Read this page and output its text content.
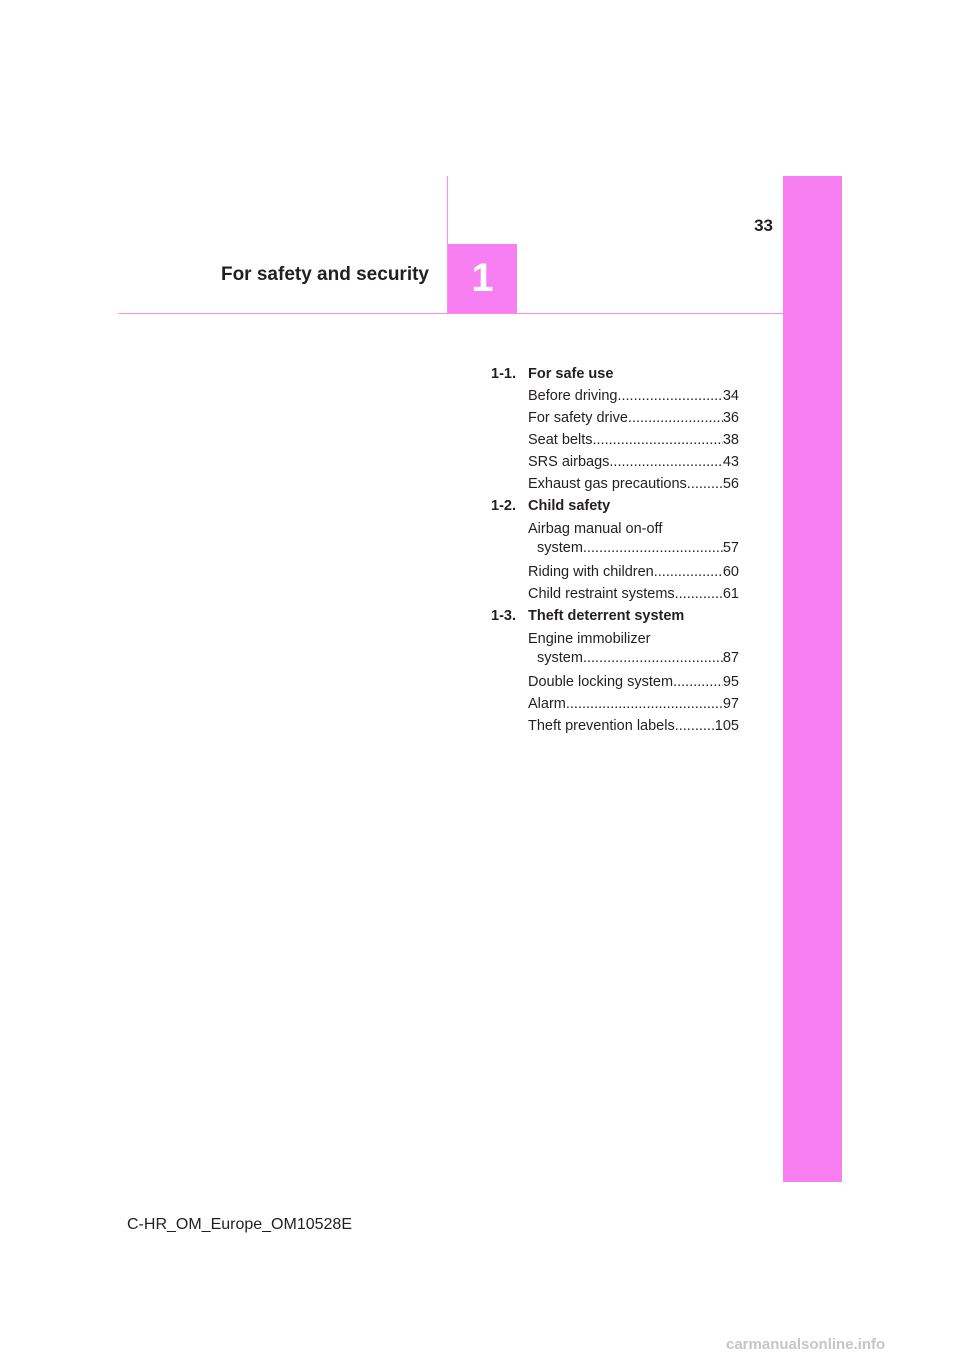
1
33
For safety and security
1-1. For safe use
Before driving .....	34
For safety drive .....	36
Seat belts .....	38
SRS airbags .....	43
Exhaust gas precautions ..... 56
1-2. Child safety
Airbag manual on-off
system .....	57
Riding with children .....	60
Child restraint systems .....	61
1-3. Theft deterrent system
Engine immobilizer
system .....	87
Double locking system .....	95
Alarm .....	97
Theft prevention labels .....	105
C-HR_OM_Europe_OM10528E
carmanualsonline.info
